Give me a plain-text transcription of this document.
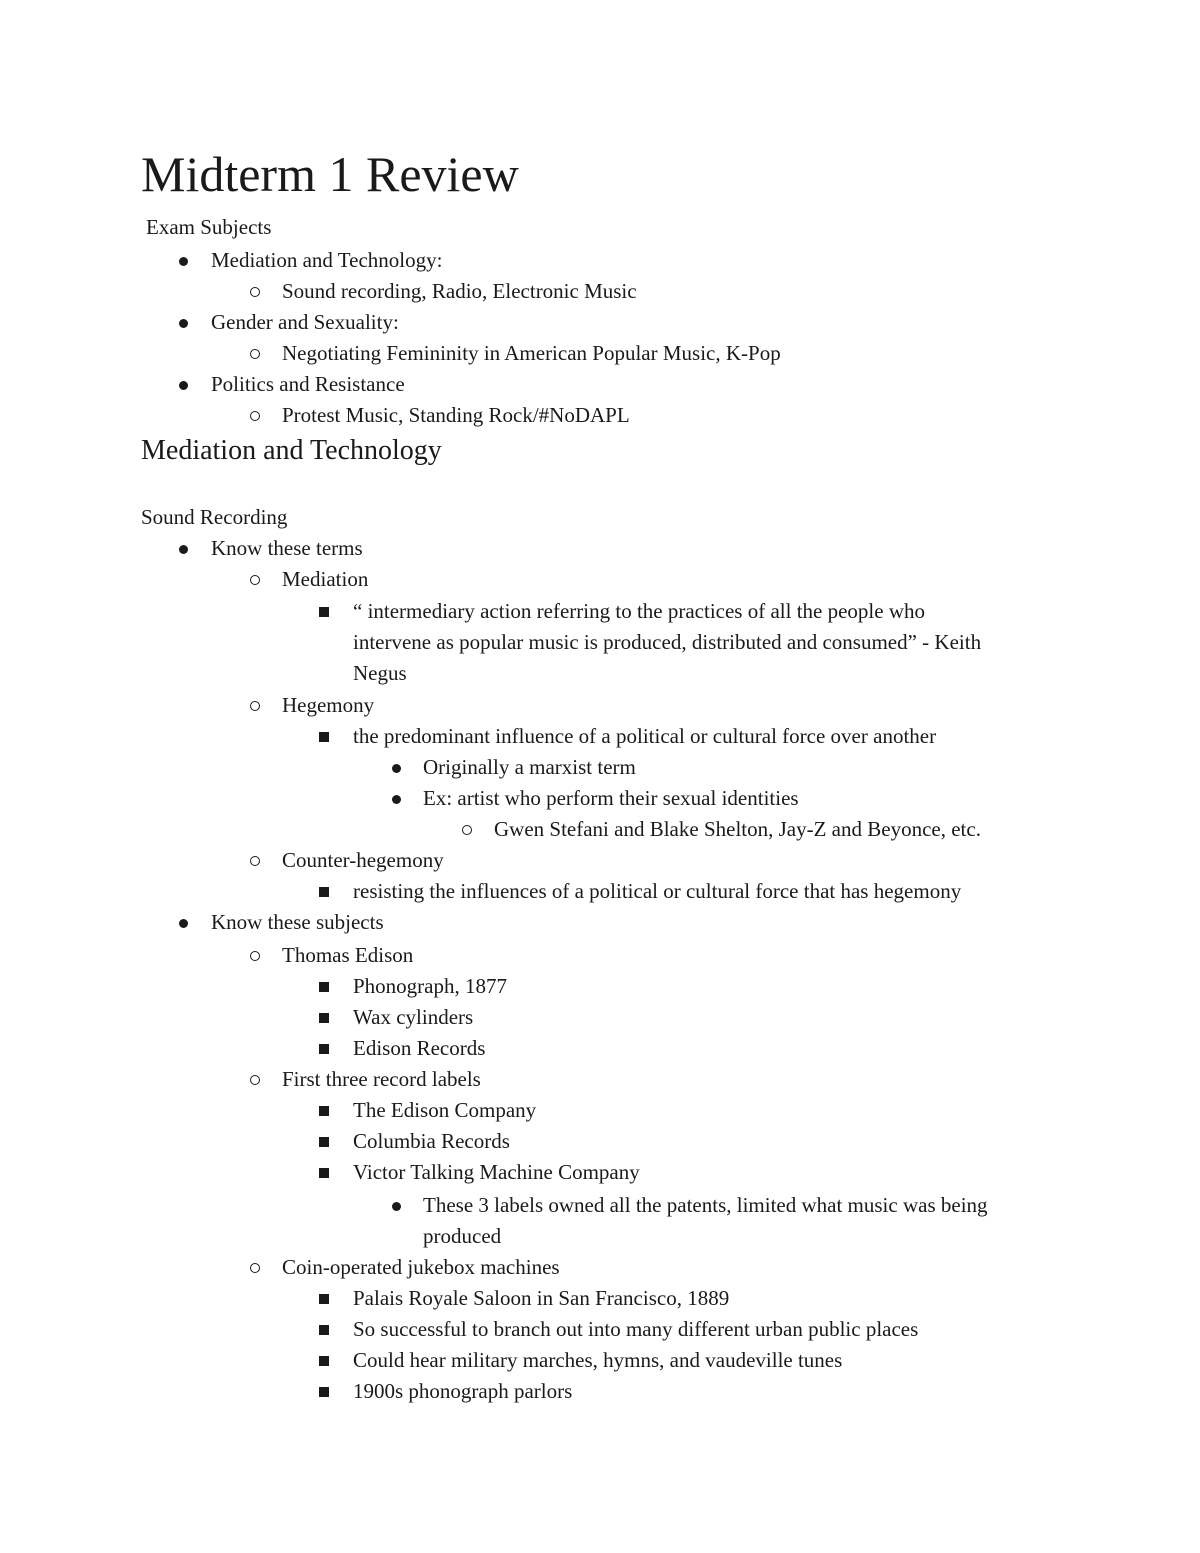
Midterm 1 Review
Exam Subjects
Mediation and Technology:
Sound recording, Radio, Electronic Music
Gender and Sexuality:
Negotiating Femininity in American Popular Music, K-Pop
Politics and Resistance
Protest Music, Standing Rock/#NoDAPL
Mediation and Technology
Sound Recording
Know these terms
Mediation
“ intermediary action referring to the practices of all the people who
intervene as popular music is produced, distributed and consumed” - Keith
Negus
Hegemony
the predominant influence of a political or cultural force over another
Originally a marxist term
Ex: artist who perform their sexual identities
Gwen Stefani and Blake Shelton, Jay-Z and Beyonce, etc.
Counter-hegemony
resisting the influences of a political or cultural force that has hegemony
Know these subjects
Thomas Edison
Phonograph, 1877
Wax cylinders
Edison Records
First three record labels
The Edison Company
Columbia Records
Victor Talking Machine Company
These 3 labels owned all the patents, limited what music was being
produced
Coin-operated jukebox machines
Palais Royale Saloon in San Francisco, 1889
So successful to branch out into many different urban public places
Could hear military marches, hymns, and vaudeville tunes
1900s phonograph parlors
